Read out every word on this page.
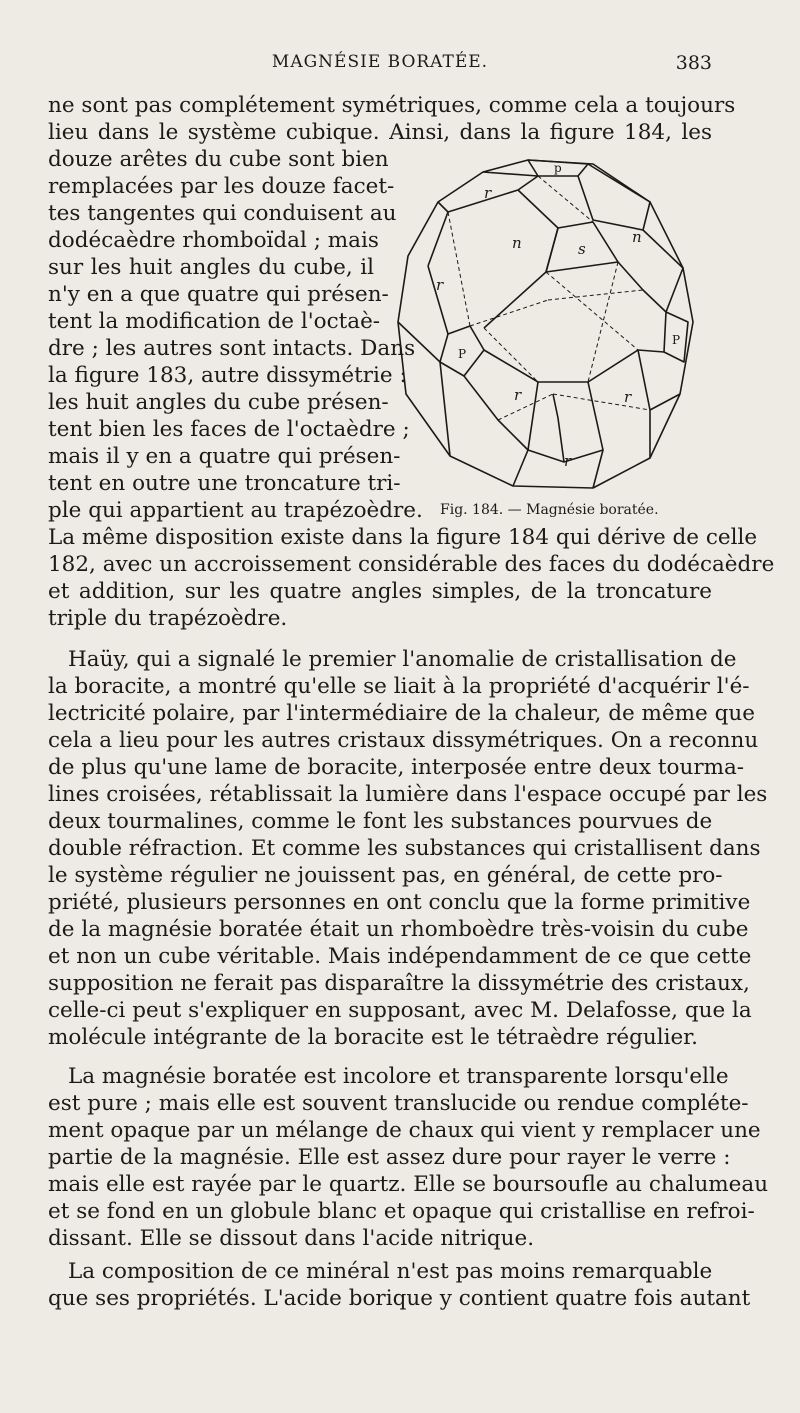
MAGNÉSIE BORATÉE.	383
ne sont pas complétement symétriques, comme cela a toujours
lieu dans le système cubique. Ainsi, dans la figure 184, les
douze arêtes du cube sont bien
remplacées par les douze facet-
tes tangentes qui conduisent au
dodécaèdre rhomboïdal ; mais
sur les huit angles du cube, il
n'y en a que quatre qui présen-
tent la modification de l'octaè-
dre ; les autres sont intacts. Dans
la figure 183, autre dissymétrie :
les huit angles du cube présen-
tent bien les faces de l'octaèdre ;
mais il y en a quatre qui présen-
tent en outre une troncature tri-
ple qui appartient au trapézoèdre.
La même disposition existe dans la figure 184 qui dérive de celle
182, avec un accroissement considérable des faces du dodécaèdre
et addition, sur les quatre angles simples, de la troncature
triple du trapézoèdre.
Haüy, qui a signalé le premier l'anomalie de cristallisation de
la boracite, a montré qu'elle se liait à la propriété d'acquérir l'é-
lectricité polaire, par l'intermédiaire de la chaleur, de même que
cela a lieu pour les autres cristaux dissymétriques. On a reconnu
de plus qu'une lame de boracite, interposée entre deux tourma-
lines croisées, rétablissait la lumière dans l'espace occupé par les
deux tourmalines, comme le font les substances pourvues de
double réfraction. Et comme les substances qui cristallisent dans
le système régulier ne jouissent pas, en général, de cette pro-
priété, plusieurs personnes en ont conclu que la forme primitive
de la magnésie boratée était un rhomboèdre très-voisin du cube
et non un cube véritable. Mais indépendamment de ce que cette
supposition ne ferait pas disparaître la dissymétrie des cristaux,
celle-ci peut s'expliquer en supposant, avec M. Delafosse, que la
molécule intégrante de la boracite est le tétraèdre régulier.
La magnésie boratée est incolore et transparente lorsqu'elle
est pure ; mais elle est souvent translucide ou rendue compléte-
ment opaque par un mélange de chaux qui vient y remplacer une
partie de la magnésie. Elle est assez dure pour rayer le verre :
mais elle est rayée par le quartz. Elle se boursoufle au chalumeau
et se fond en un globule blanc et opaque qui cristallise en refroi-
dissant. Elle se dissout dans l'acide nitrique.
La composition de ce minéral n'est pas moins remarquable
que ses propriétés. L'acide borique y contient quatre fois autant
p
r
n	n
s
r
P
P
r	r
r
Fig. 184. — Magnésie boratée.
